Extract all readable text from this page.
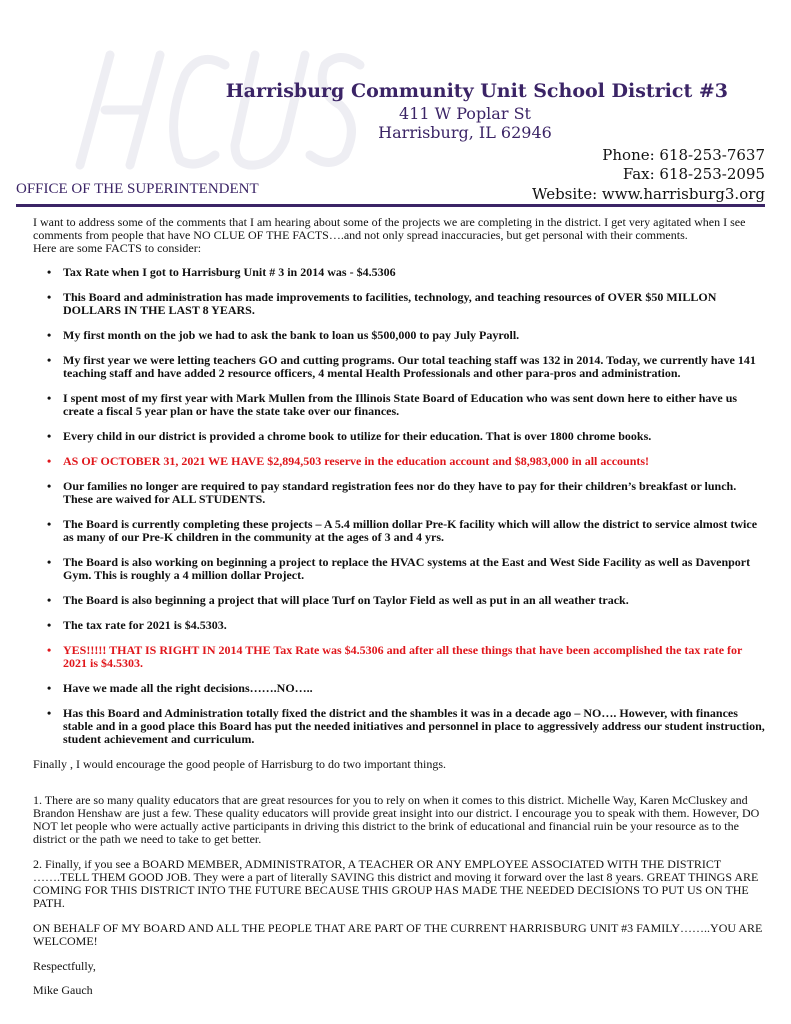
Harrisburg Community Unit School District #3
411 W Poplar St
Harrisburg, IL 62946
Phone: 618-253-7637
Fax: 618-253-2095
Website: www.harrisburg3.org
OFFICE OF THE SUPERINTENDENT

I want to address some of the comments that I am hearing about some of the projects we are completing in the district. I get very agitated when I see comments from people that have NO CLUE OF THE FACTS….and not only spread inaccuracies, but get personal with their comments.

Here are some FACTS to consider:

• Tax Rate when I got to Harrisburg Unit # 3 in 2014 was - $4.5306
• This Board and administration has made improvements to facilities, technology, and teaching resources of OVER $50 MILLON DOLLARS IN THE LAST 8 YEARS.
• My first month on the job we had to ask the bank to loan us $500,000 to pay July Payroll.
• My first year we were letting teachers GO and cutting programs. Our total teaching staff was 132 in 2014. Today, we currently have 141 teaching staff and have added 2 resource officers, 4 mental Health Professionals and other para-pros and administration.
• I spent most of my first year with Mark Mullen from the Illinois State Board of Education who was sent down here to either have us create a fiscal 5 year plan or have the state take over our finances.
• Every child in our district is provided a chrome book to utilize for their education. That is over 1800 chrome books.
• AS OF OCTOBER 31, 2021 WE HAVE $2,894,503 reserve in the education account and $8,983,000 in all accounts!
• Our families no longer are required to pay standard registration fees nor do they have to pay for their children’s breakfast or lunch. These are waived for ALL STUDENTS.
• The Board is currently completing these projects – A 5.4 million dollar Pre-K facility which will allow the district to service almost twice as many of our Pre-K children in the community at the ages of 3 and 4 yrs.
• The Board is also working on beginning a project to replace the HVAC systems at the East and West Side Facility as well as Davenport Gym. This is roughly a 4 million dollar Project.
• The Board is also beginning a project that will place Turf on Taylor Field as well as put in an all weather track.
• The tax rate for 2021 is $4.5303.
• YES!!!!! THAT IS RIGHT IN 2014 THE Tax Rate was $4.5306 and after all these things that have been accomplished the tax rate for 2021 is $4.5303.
• Have we made all the right decisions…….NO…..
• Has this Board and Administration totally fixed the district and the shambles it was in a decade ago – NO…. However, with finances stable and in a good place this Board has put the needed initiatives and personnel in place to aggressively address our student instruction, student achievement and curriculum.

Finally , I would encourage the good people of Harrisburg to do two important things.

1. There are so many quality educators that are great resources for you to rely on when it comes to this district. Michelle Way, Karen McCluskey and Brandon Henshaw are just a few. These quality educators will provide great insight into our district. I encourage you to speak with them. However, DO NOT let people who were actually active participants in driving this district to the brink of educational and financial ruin be your resource as to the district or the path we need to take to get better.

2. Finally, if you see a BOARD MEMBER, ADMINISTRATOR, A TEACHER OR ANY EMPLOYEE ASSOCIATED WITH THE DISTRICT …….TELL THEM GOOD JOB. They were a part of literally SAVING this district and moving it forward over the last 8 years. GREAT THINGS ARE COMING FOR THIS DISTRICT INTO THE FUTURE BECAUSE THIS GROUP HAS MADE THE NEEDED DECISIONS TO PUT US ON THE PATH.

ON BEHALF OF MY BOARD AND ALL THE PEOPLE THAT ARE PART OF THE CURRENT HARRISBURG UNIT #3 FAMILY……..YOU ARE WELCOME!

Respectfully,

Mike Gauch
